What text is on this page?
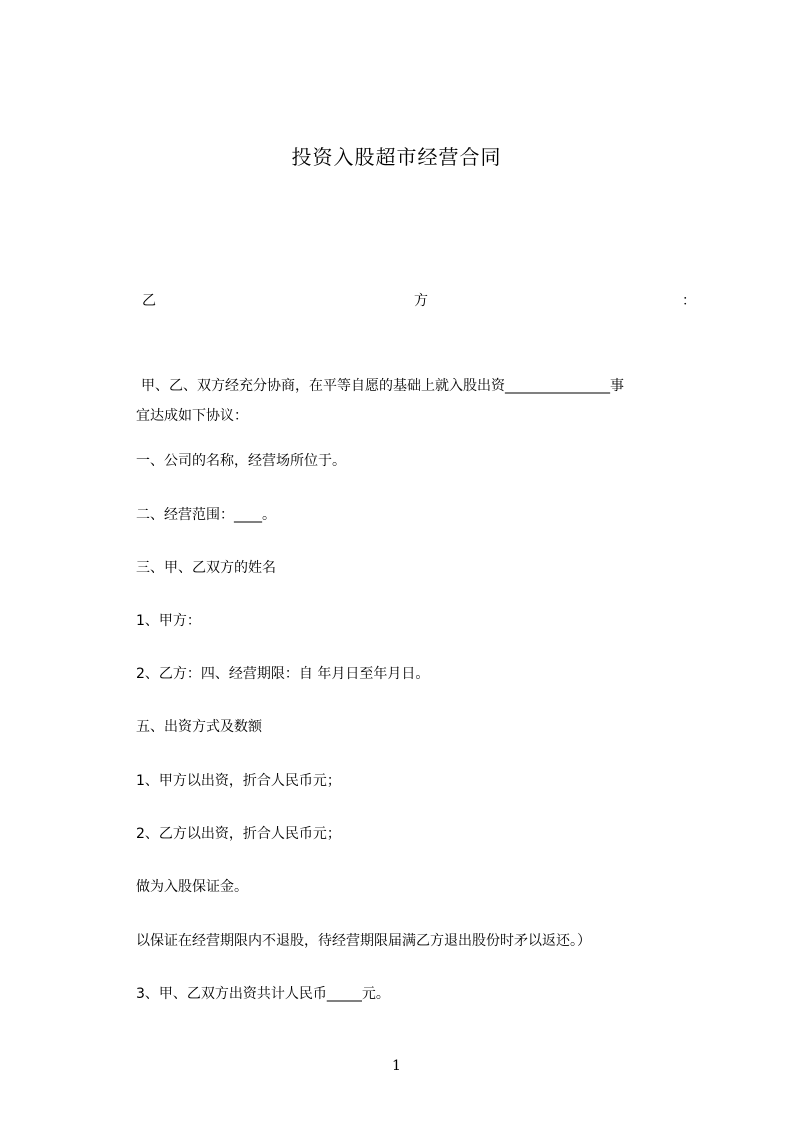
投资入股超市经营合同
乙	方	：
甲、乙、双方经充分协商，在平等自愿的基础上就入股出资_______________事
宜达成如下协议：
一、公司的名称，经营场所位于。
二、经营范围：____。
三、甲、乙双方的姓名
1、甲方：
2、乙方：四、经营期限：自 年月日至年月日。
五、出资方式及数额
1、甲方以出资，折合人民币元；
2、乙方以出资，折合人民币元；
做为入股保证金。
以保证在经营期限内不退股，待经营期限届满乙方退出股份时矛以返还。）
3、甲、乙双方出资共计人民币_____元。
1
